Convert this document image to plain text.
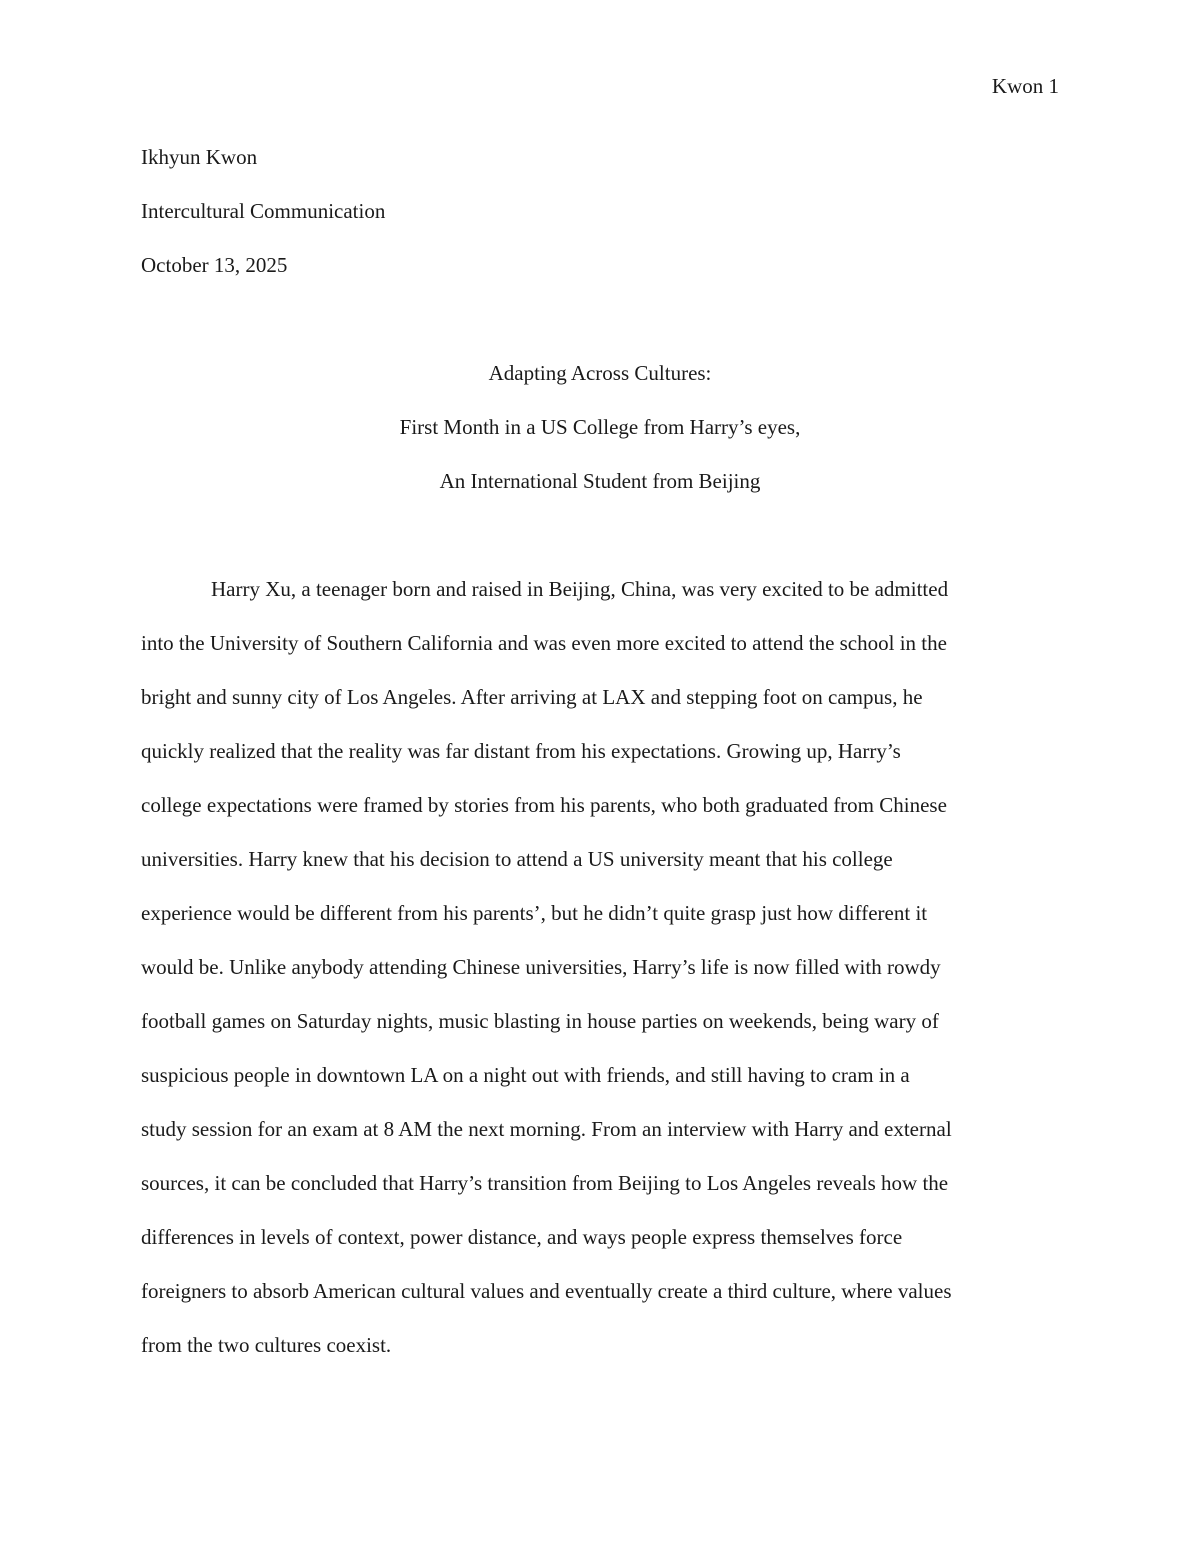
Kwon 1
Ikhyun Kwon
Intercultural Communication
October 13, 2025
Adapting Across Cultures:
First Month in a US College from Harry’s eyes,
An International Student from Beijing
Harry Xu, a teenager born and raised in Beijing, China, was very excited to be admitted
into the University of Southern California and was even more excited to attend the school in the
bright and sunny city of Los Angeles. After arriving at LAX and stepping foot on campus, he
quickly realized that the reality was far distant from his expectations. Growing up, Harry’s
college expectations were framed by stories from his parents, who both graduated from Chinese
universities. Harry knew that his decision to attend a US university meant that his college
experience would be different from his parents’, but he didn’t quite grasp just how different it
would be. Unlike anybody attending Chinese universities, Harry’s life is now filled with rowdy
football games on Saturday nights, music blasting in house parties on weekends, being wary of
suspicious people in downtown LA on a night out with friends, and still having to cram in a
study session for an exam at 8 AM the next morning. From an interview with Harry and external
sources, it can be concluded that Harry’s transition from Beijing to Los Angeles reveals how the
differences in levels of context, power distance, and ways people express themselves force
foreigners to absorb American cultural values and eventually create a third culture, where values
from the two cultures coexist.
